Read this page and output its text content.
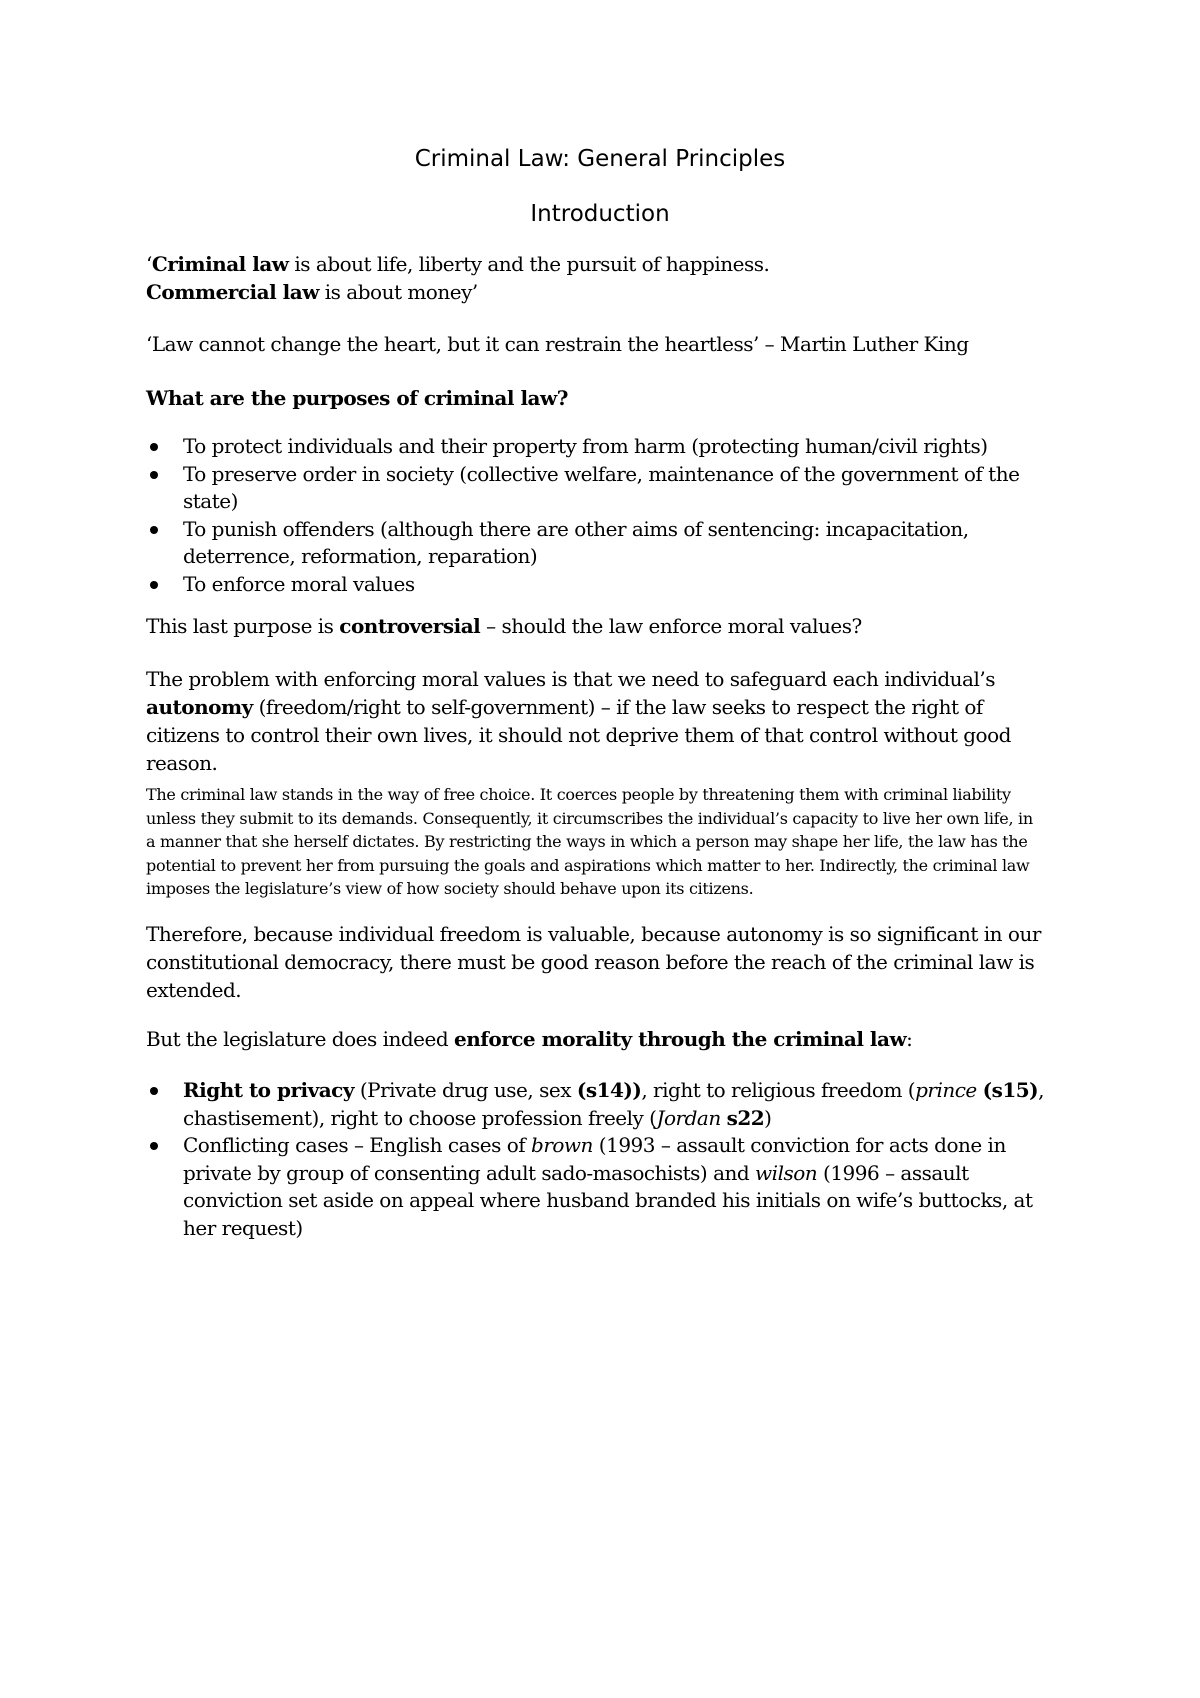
Criminal Law: General Principles
Introduction

‘Criminal law is about life, liberty and the pursuit of happiness.
Commercial law is about money’

‘Law cannot change the heart, but it can restrain the heartless’ – Martin Luther King

What are the purposes of criminal law?

To protect individuals and their property from harm (protecting human/civil rights)
To preserve order in society (collective welfare, maintenance of the government of the state)
To punish offenders (although there are other aims of sentencing: incapacitation, deterrence, reformation, reparation)
To enforce moral values

This last purpose is controversial – should the law enforce moral values?

The problem with enforcing moral values is that we need to safeguard each individual’s autonomy (freedom/right to self-government) – if the law seeks to respect the right of citizens to control their own lives, it should not deprive them of that control without good reason.

The criminal law stands in the way of free choice. It coerces people by threatening them with criminal liability unless they submit to its demands. Consequently, it circumscribes the individual’s capacity to live her own life, in a manner that she herself dictates. By restricting the ways in which a person may shape her life, the law has the potential to prevent her from pursuing the goals and aspirations which matter to her. Indirectly, the criminal law imposes the legislature’s view of how society should behave upon its citizens.

Therefore, because individual freedom is valuable, because autonomy is so significant in our constitutional democracy, there must be good reason before the reach of the criminal law is extended.

But the legislature does indeed enforce morality through the criminal law:

Right to privacy (Private drug use, sex (s14)), right to religious freedom (prince (s15), chastisement), right to choose profession freely (Jordan s22)
Conflicting cases – English cases of brown (1993 – assault conviction for acts done in private by group of consenting adult sado-masochists) and wilson (1996 – assault conviction set aside on appeal where husband branded his initials on wife’s buttocks, at her request)
